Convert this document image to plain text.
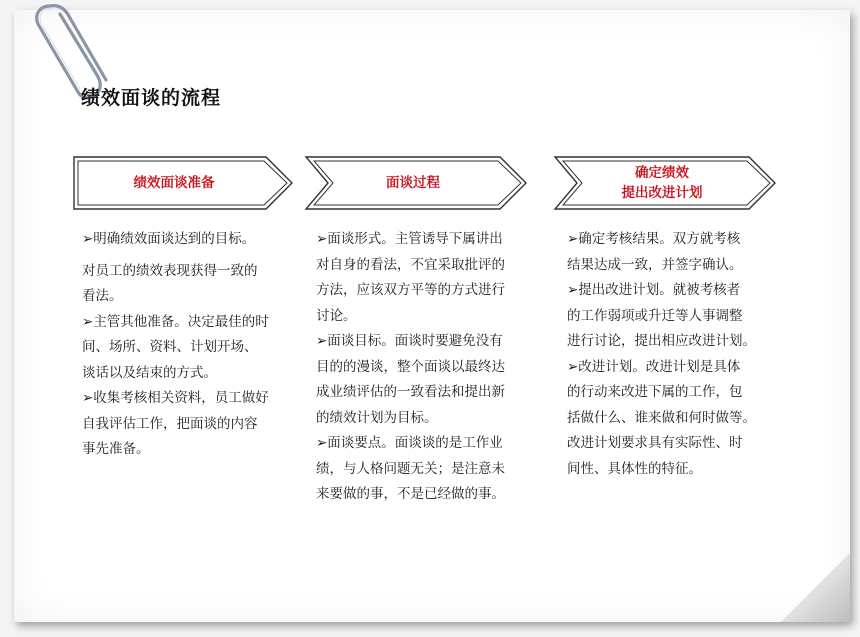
绩效面谈的流程
绩效面谈准备	面谈过程
确定绩效
提出改进计划

➢明确绩效面谈达到的目标。

对员工的绩效表现获得一致的

看法。

➢主管其他准备。决定最佳的时

间、场所、资料、计划开场、

谈话以及结束的方式。

➢收集考核相关资料，员工做好

自我评估工作，把面谈的内容

事先准备。

➢面谈形式。主管诱导下属讲出

对自身的看法，不宜采取批评的

方法，应该双方平等的方式进行

讨论。

➢面谈目标。面谈时要避免没有

目的的漫谈，整个面谈以最终达

成业绩评估的一致看法和提出新

的绩效计划为目标。

➢面谈要点。面谈谈的是工作业

绩，与人格问题无关；是注意未

来要做的事，不是已经做的事。

➢确定考核结果。双方就考核

结果达成一致，并签字确认。

➢提出改进计划。就被考核者

的工作弱项或升迁等人事调整

进行讨论，提出相应改进计划。

➢改进计划。改进计划是具体

的行动来改进下属的工作，包

括做什么、谁来做和何时做等。

改进计划要求具有实际性、时

间性、具体性的特征。
